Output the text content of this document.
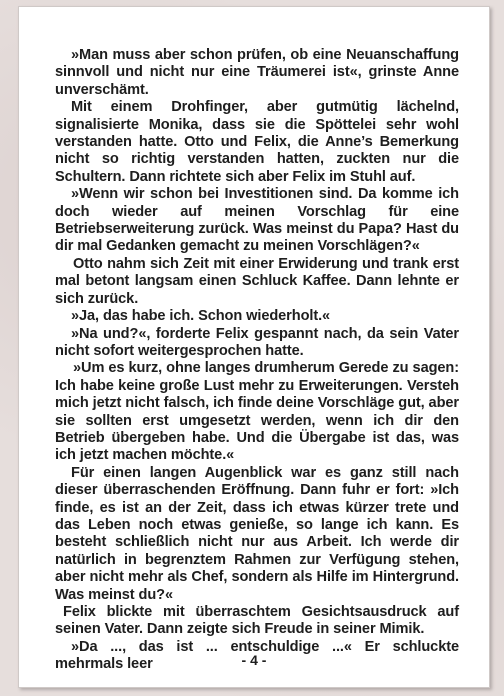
»Man muss aber schon prüfen, ob eine Neuanschaffung sinnvoll und nicht nur eine Träumerei ist«, grinste Anne unverschämt.

Mit einem Drohfinger, aber gutmütig lächelnd, signalisierte Monika, dass sie die Spöttelei sehr wohl verstanden hatte. Otto und Felix, die Anne’s Bemerkung nicht so richtig verstanden hatten, zuckten nur die Schultern. Dann richtete sich aber Felix im Stuhl auf.

»Wenn wir schon bei Investitionen sind. Da komme ich doch wieder auf meinen Vorschlag für eine Betriebserweiterung zurück. Was meinst du Papa? Hast du dir mal Gedanken gemacht zu meinen Vorschlägen?«

Otto nahm sich Zeit mit einer Erwiderung und trank erst mal betont langsam einen Schluck Kaffee. Dann lehnte er sich zurück.

»Ja, das habe ich. Schon wiederholt.«

»Na und?«, forderte Felix gespannt nach, da sein Vater nicht sofort weitergesprochen hatte.

»Um es kurz, ohne langes drumherum Gerede zu sagen: Ich habe keine große Lust mehr zu Erweiterungen. Versteh mich jetzt nicht falsch, ich finde deine Vorschläge gut, aber sie sollten erst umgesetzt werden, wenn ich dir den Betrieb übergeben habe. Und die Übergabe ist das, was ich jetzt machen möchte.«

Für einen langen Augenblick war es ganz still nach dieser überraschenden Eröffnung. Dann fuhr er fort: »Ich finde, es ist an der Zeit, dass ich etwas kürzer trete und das Leben noch etwas genieße, so lange ich kann. Es besteht schließlich nicht nur aus Arbeit. Ich werde dir natürlich in begrenztem Rahmen zur Verfügung stehen, aber nicht mehr als Chef, sondern als Hilfe im Hintergrund. Was meinst du?«

Felix blickte mit überraschtem Gesichtsausdruck auf seinen Vater. Dann zeigte sich Freude in seiner Mimik.

»Da ..., das ist ... entschuldige ...« Er schluckte mehrmals leer	- 4 -
